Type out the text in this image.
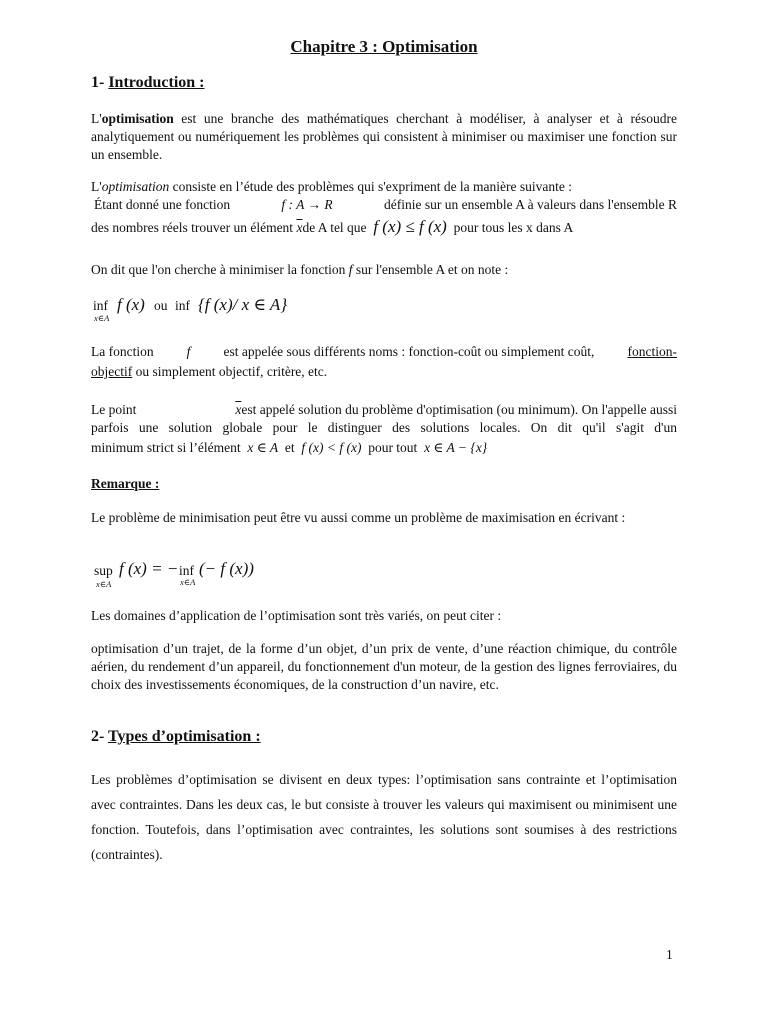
Chapitre 3 : Optimisation
1- Introduction :
L'optimisation est une branche des mathématiques cherchant à modéliser, à analyser et à résoudre analytiquement ou numériquement les problèmes qui consistent à minimiser ou maximiser une fonction sur un ensemble.
L'optimisation consiste en l’étude des problèmes qui s'expriment de la manière suivante :
Étant donné une fonction	f : A → R	définie sur un ensemble A à valeurs dans l'ensemble R
des nombres réels trouver un élément $\overline{x}de$ A tel que f (x) ≤ f (x) pour tous les x dans A
On dit que l'on cherche à minimiser la fonction f sur l'ensemble A et on note :
inf
x∈A
f (x) ou inf {f (x)/ x ∈ A}
La fonction f est appelée sous différents noms : fonction-coût ou simplement coût, fonction-
objectif ou simplement objectif, critère, etc.
Le point	$\overline{x}est$ appelé solution du problème d'optimisation (ou minimum). On l'appelle aussi
parfois une solution globale pour le distinguer des solutions locales. On dit qu'il s'agit d'un
minimum strict si l’élément x ∈ A et f (x) < f (x) pour tout x ∈ A − {x}
Remarque :
Le problème de minimisation peut être vu aussi comme un problème de maximisation en écrivant :
sup
x∈A
f (x) = − inf
x∈A
(− f (x))
Les domaines d’application de l’optimisation sont très variés, on peut citer :
optimisation d’un trajet, de la forme d’un objet, d’un prix de vente, d’une réaction chimique, du contrôle aérien, du rendement d’un appareil, du fonctionnement d'un moteur, de la gestion des lignes ferroviaires, du choix des investissements économiques, de la construction d’un navire, etc.
2- Types d’optimisation :
Les problèmes d’optimisation se divisent en deux types: l’optimisation sans contrainte et l’optimisation avec contraintes. Dans les deux cas, le but consiste à trouver les valeurs qui maximisent ou minimisent une fonction. Toutefois, dans l’optimisation avec contraintes, les solutions sont soumises à des restrictions (contraintes).
1
